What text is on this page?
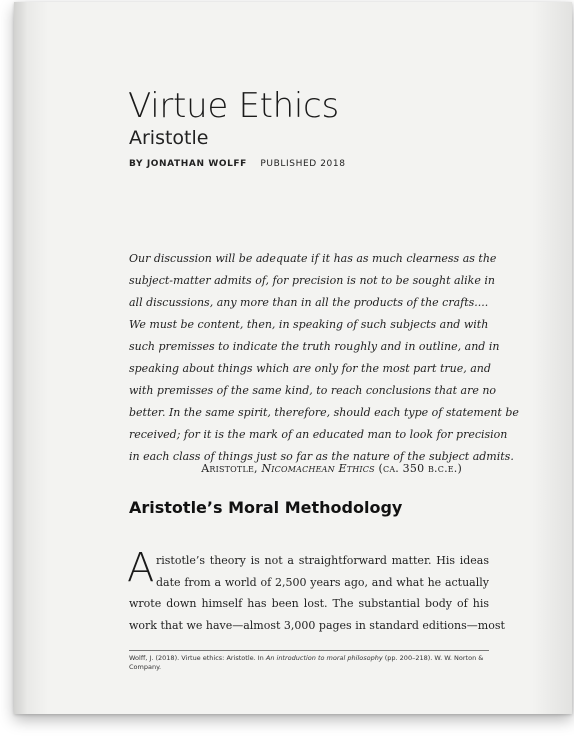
Virtue Ethics
Aristotle
BY JONATHAN WOLFF PUBLISHED 2018
Our discussion will be adequate if it has as much clearness as the
subject-matter admits of, for precision is not to be sought alike in
all discussions, any more than in all the products of the crafts....
We must be content, then, in speaking of such subjects and with
such premisses to indicate the truth roughly and in outline, and in
speaking about things which are only for the most part true, and
with premisses of the same kind, to reach conclusions that are no
better. In the same spirit, therefore, should each type of statement be
received; for it is the mark of an educated man to look for precision
in each class of things just so far as the nature of the subject admits.
Aristotle, Nicomachean Ethics (ca. 350 b.c.e.)
Aristotle’s Moral Methodology
A ristotle’s theory is not a straightforward matter. His ideas
date from a world of 2,500 years ago, and what he actually
wrote down himself has been lost. The substantial body of his
work that we have—almost 3,000 pages in standard editions—most
Wolff, J. (2018). Virtue ethics: Aristotle. In An introduction to moral philosophy (pp. 200–218). W. W. Norton & Company.
